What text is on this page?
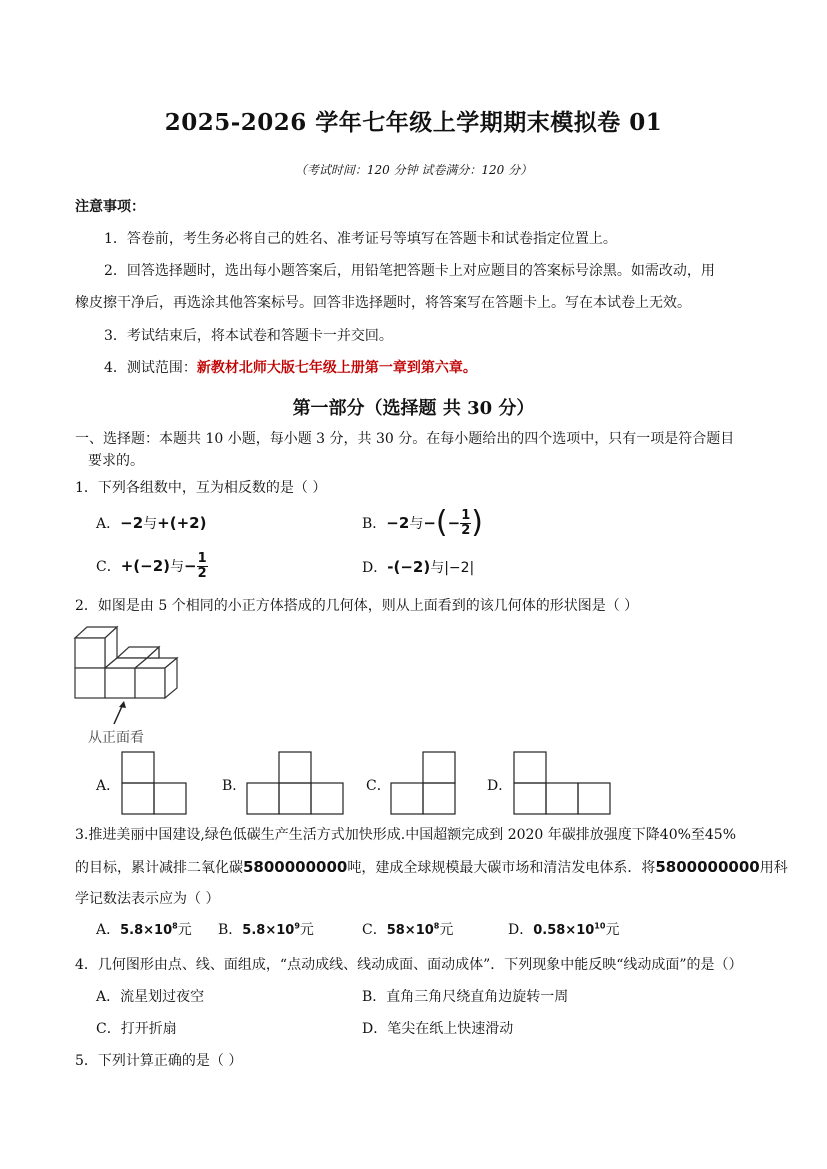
2025-2026 学年七年级上学期期末模拟卷 01
（考试时间：120 分钟 试卷满分：120 分）
注意事项：
1．答卷前，考生务必将自己的姓名、准考证号等填写在答题卡和试卷指定位置上。
2．回答选择题时，选出每小题答案后，用铅笔把答题卡上对应题目的答案标号涂黑。如需改动，用
橡皮擦干净后，再选涂其他答案标号。回答非选择题时，将答案写在答题卡上。写在本试卷上无效。
3．考试结束后，将本试卷和答题卡一并交回。
4．测试范围：新教材北师大版七年级上册第一章到第六章。
第一部分（选择题 共 30 分）
一、选择题：本题共 10 小题，每小题 3 分，共 30 分。在每小题给出的四个选项中，只有一项是符合题目
要求的。
1．下列各组数中，互为相反数的是（ ）
A．−2与+(+2)	B． −2 与 − ( − $\frac{1}{2}$ )
C． +(−2) 与 − $\frac{1}{2}$	D．-(−2)与|−2|
2．如图是由 5 个相同的小正方体搭成的几何体，则从上面看到的该几何体的形状图是（ ）
从正面看
A．	B．	C．	D．
3.推进美丽中国建设,绿色低碳生产生活方式加快形成.中国超额完成到 2020 年碳排放强度下降40%至45%
的目标，累计减排二氧化碳5800000000吨，建成全球规模最大碳市场和清洁发电体系．将5800000000用科
学记数法表示应为（ ）
A．$5.8\times 10^8$元 B．$5.8\times 10^9$元	C．$58\times 10^8$元	D．$0.58\times 10^{10}$元
4．几何图形由点、线、面组成，“点动成线、线动成面、面动成体”．下列现象中能反映“线动成面”的是（）
A．流星划过夜空	B．直角三角尺绕直角边旋转一周
C．打开折扇	D．笔尖在纸上快速滑动
5．下列计算正确的是（ ）
